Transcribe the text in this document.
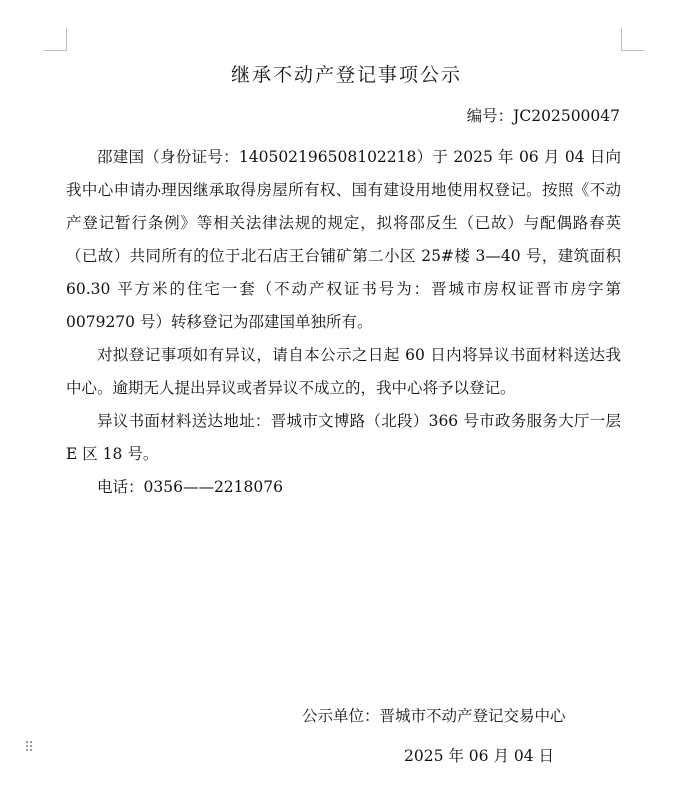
继承不动产登记事项公示

编号：JC202500047

邵建国（身份证号：140502196508102218）于 2025 年 06 月 04 日向我中心申请办理因继承取得房屋所有权、国有建设用地使用权登记。按照《不动产登记暂行条例》等相关法律法规的规定，拟将邵反生（已故）与配偶路春英（已故）共同所有的位于北石店王台铺矿第二小区 25#楼 3—40 号，建筑面积 60.30 平方米的住宅一套（不动产权证书号为：晋城市房权证晋市房字第 0079270 号）转移登记为邵建国单独所有。

对拟登记事项如有异议，请自本公示之日起 60 日内将异议书面材料送达我中心。逾期无人提出异议或者异议不成立的，我中心将予以登记。

异议书面材料送达地址：晋城市文博路（北段）366 号市政务服务大厅一层 E 区 18 号。

电话：0356——2218076

公示单位：晋城市不动产登记交易中心

2025 年 06 月 04 日

⠿
